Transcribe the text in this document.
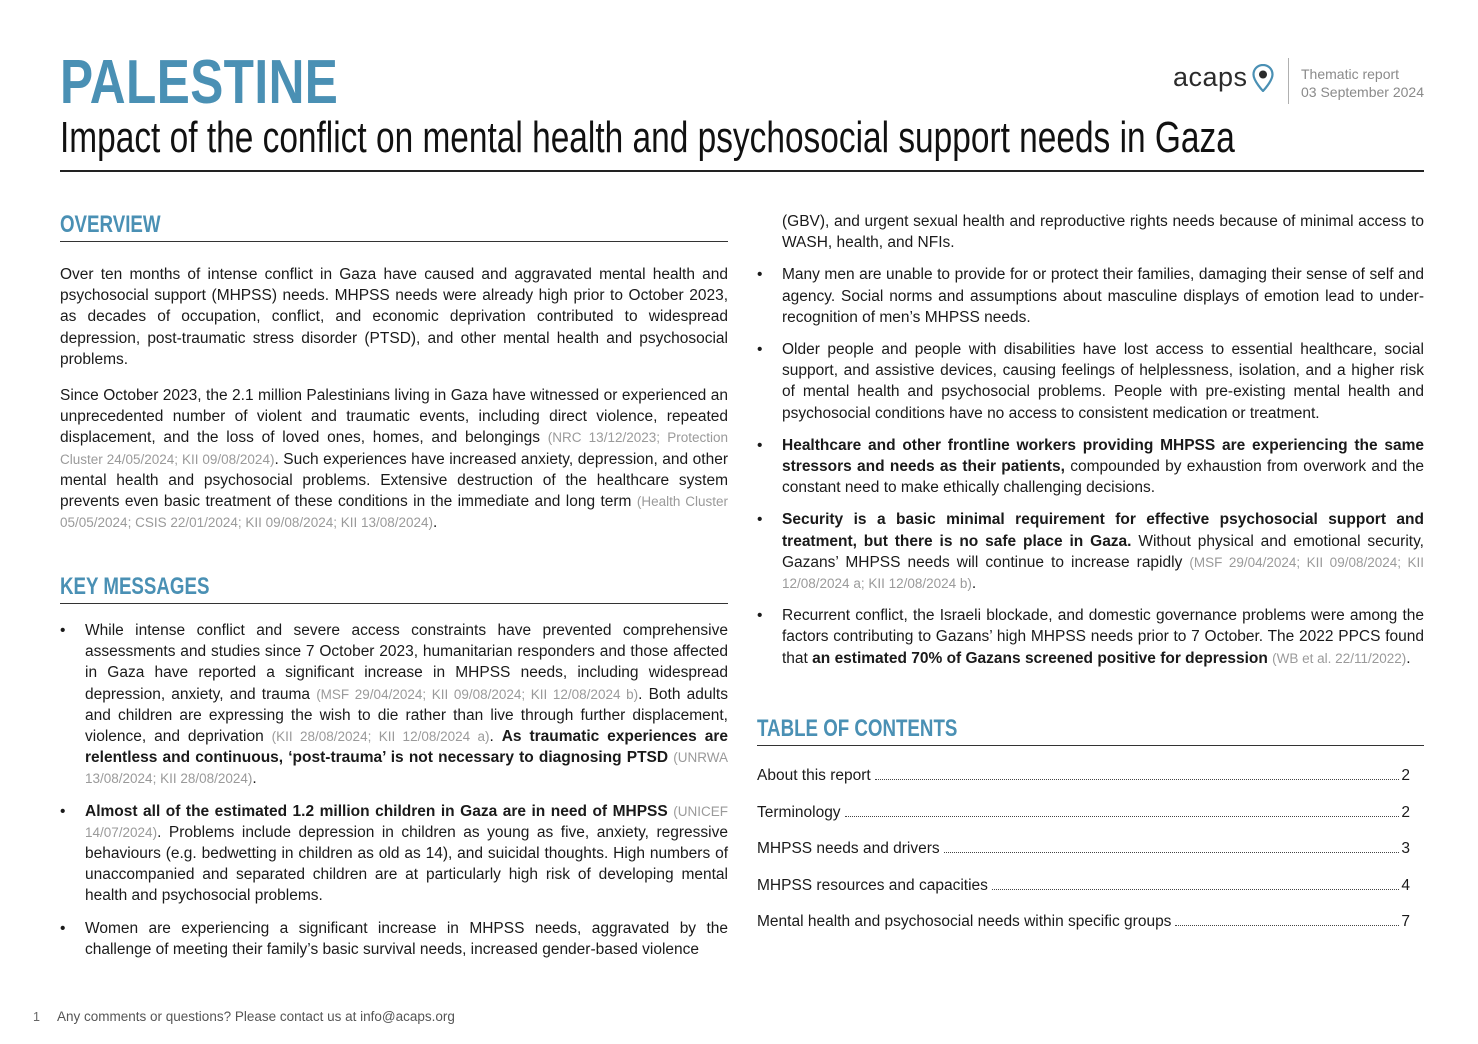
PALESTINE
Impact of the conflict on mental health and psychosocial support needs in Gaza
acaps	Thematic report
03 September 2024
OVERVIEW

Over ten months of intense conflict in Gaza have caused and aggravated mental health and psychosocial support (MHPSS) needs. MHPSS needs were already high prior to October 2023, as decades of occupation, conflict, and economic deprivation contributed to widespread depression, post-traumatic stress disorder (PTSD), and other mental health and psychosocial problems.

Since October 2023, the 2.1 million Palestinians living in Gaza have witnessed or experienced an unprecedented number of violent and traumatic events, including direct violence, repeated displacement, and the loss of loved ones, homes, and belongings (NRC 13/12/2023; Protection Cluster 24/05/2024; KII 09/08/2024). Such experiences have increased anxiety, depression, and other mental health and psychosocial problems. Extensive destruction of the healthcare system prevents even basic treatment of these conditions in the immediate and long term (Health Cluster 05/05/2024; CSIS 22/01/2024; KII 09/08/2024; KII 13/08/2024).

KEY MESSAGES
• While intense conflict and severe access constraints have prevented comprehensive assessments and studies since 7 October 2023, humanitarian responders and those affected in Gaza have reported a significant increase in MHPSS needs, including widespread depression, anxiety, and trauma (MSF 29/04/2024; KII 09/08/2024; KII 12/08/2024 b). Both adults and children are expressing the wish to die rather than live through further displacement, violence, and deprivation (KII 28/08/2024; KII 12/08/2024 a). As traumatic experiences are relentless and continuous, ‘post-trauma’ is not necessary to diagnosing PTSD (UNRWA 13/08/2024; KII 28/08/2024).
• Almost all of the estimated 1.2 million children in Gaza are in need of MHPSS (UNICEF 14/07/2024). Problems include depression in children as young as five, anxiety, regressive behaviours (e.g. bedwetting in children as old as 14), and suicidal thoughts. High numbers of unaccompanied and separated children are at particularly high risk of developing mental health and psychosocial problems.
• Women are experiencing a significant increase in MHPSS needs, aggravated by the challenge of meeting their family’s basic survival needs, increased gender-based violence
(GBV), and urgent sexual health and reproductive rights needs because of minimal access to WASH, health, and NFIs.
• Many men are unable to provide for or protect their families, damaging their sense of self and agency. Social norms and assumptions about masculine displays of emotion lead to under-recognition of men’s MHPSS needs.
• Older people and people with disabilities have lost access to essential healthcare, social support, and assistive devices, causing feelings of helplessness, isolation, and a higher risk of mental health and psychosocial problems. People with pre-existing mental health and psychosocial conditions have no access to consistent medication or treatment.
• Healthcare and other frontline workers providing MHPSS are experiencing the same stressors and needs as their patients, compounded by exhaustion from overwork and the constant need to make ethically challenging decisions.
• Security is a basic minimal requirement for effective psychosocial support and treatment, but there is no safe place in Gaza. Without physical and emotional security, Gazans’ MHPSS needs will continue to increase rapidly (MSF 29/04/2024; KII 09/08/2024; KII 12/08/2024 a; KII 12/08/2024 b).
• Recurrent conflict, the Israeli blockade, and domestic governance problems were among the factors contributing to Gazans’ high MHPSS needs prior to 7 October. The 2022 PPCS found that an estimated 70% of Gazans screened positive for depression (WB et al. 22/11/2022).
TABLE OF CONTENTS
About this report	2
Terminology	2
MHPSS needs and drivers	3
MHPSS resources and capacities	4
Mental health and psychosocial needs within specific groups	7
1 Any comments or questions? Please contact us at info@acaps.org
